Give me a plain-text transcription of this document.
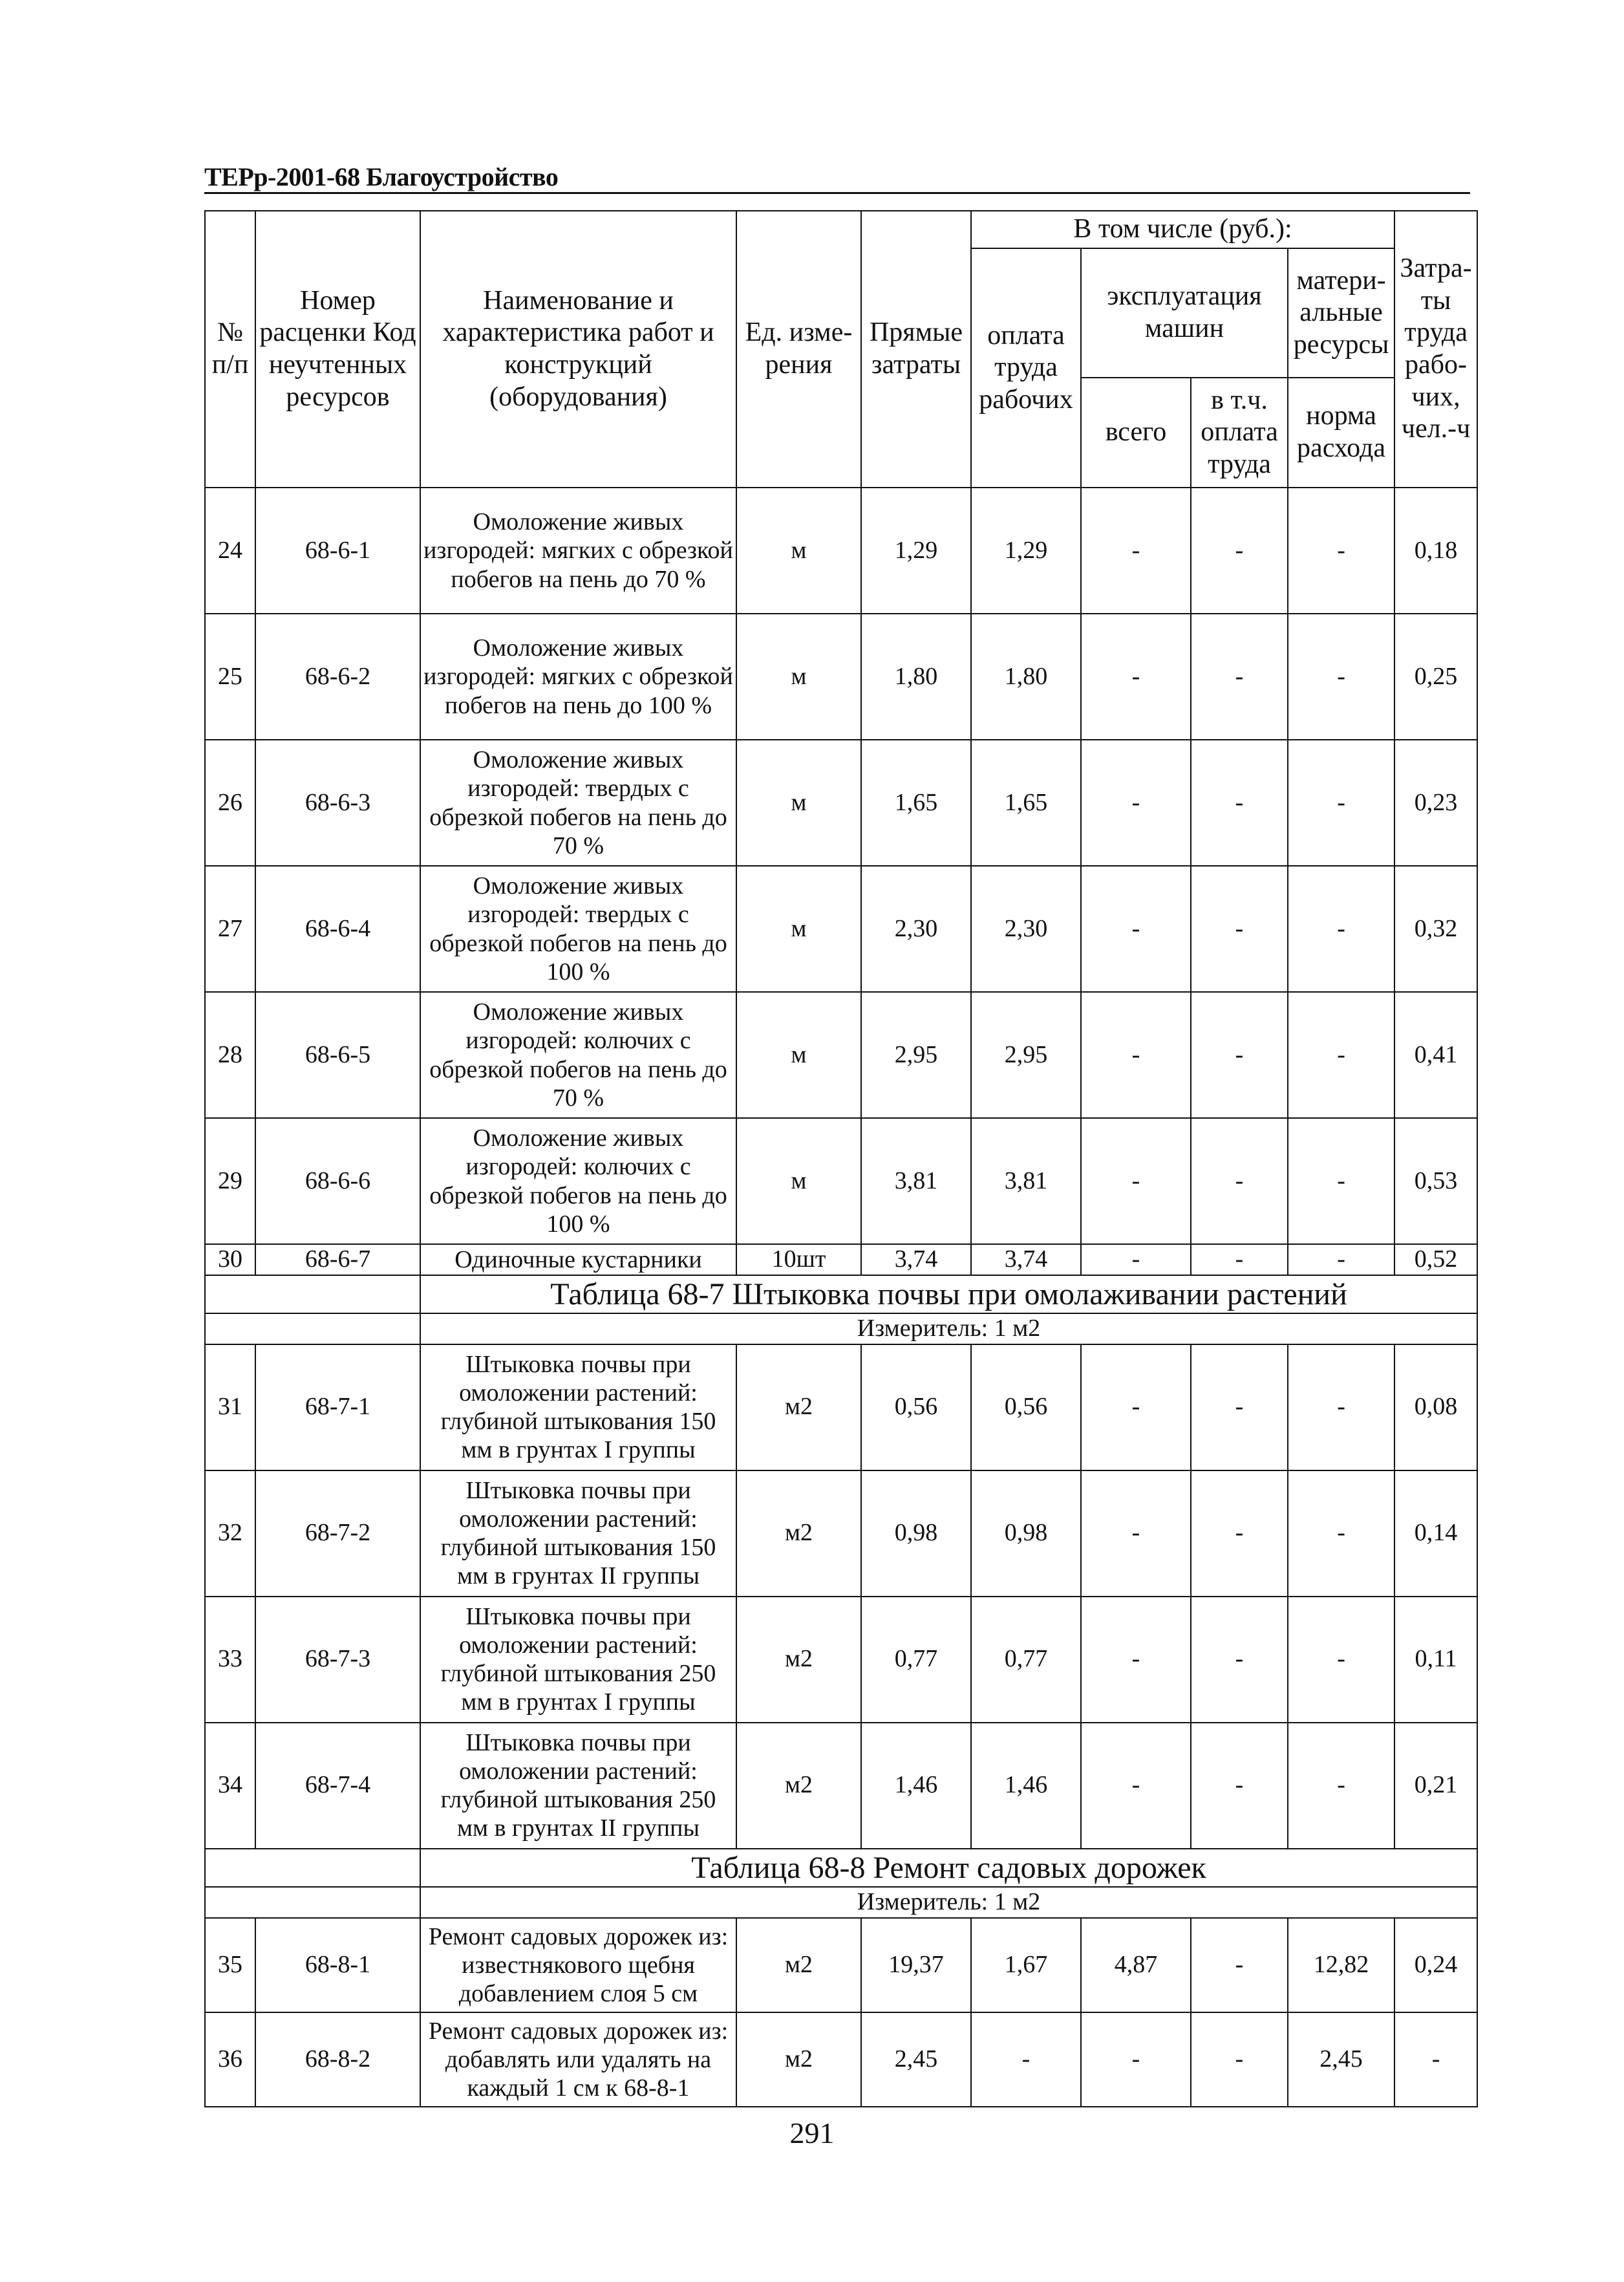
ТЕРр-2001-68 Благоустройство
№ п/п	Номер расценки Код неучтенных ресурсов	Наименование и характеристика работ и конструкций (оборудования)	Ед. изме-рения	Прямые затраты	В том числе (руб.):				Затра-ты труда рабо-чих, чел.-ч
					оплата труда рабочих	эксплуатация машин		матери-альные ресурсы	
						всего	в т.ч. оплата труда	норма расхода	
24	68-6-1	Омоложение живых изгородей: мягких с обрезкой побегов на пень до 70 %	м	1,29	1,29	-	-	-	0,18
25	68-6-2	Омоложение живых изгородей: мягких с обрезкой побегов на пень до 100 %	м	1,80	1,80	-	-	-	0,25
26	68-6-3	Омоложение живых изгородей: твердых с обрезкой побегов на пень до 70 %	м	1,65	1,65	-	-	-	0,23
27	68-6-4	Омоложение живых изгородей: твердых с обрезкой побегов на пень до 100 %	м	2,30	2,30	-	-	-	0,32
28	68-6-5	Омоложение живых изгородей: колючих с обрезкой побегов на пень до 70 %	м	2,95	2,95	-	-	-	0,41
29	68-6-6	Омоложение живых изгородей: колючих с обрезкой побегов на пень до 100 %	м	3,81	3,81	-	-	-	0,53
30	68-6-7	Одиночные кустарники	10шт	3,74	3,74	-	-	-	0,52
		Таблица 68-7 Штыковка почвы при омолаживании растений							
		Измеритель: 1 м2							
31	68-7-1	Штыковка почвы при омоложении растений: глубиной штыкования 150 мм в грунтах I группы	м2	0,56	0,56	-	-	-	0,08
32	68-7-2	Штыковка почвы при омоложении растений: глубиной штыкования 150 мм в грунтах II группы	м2	0,98	0,98	-	-	-	0,14
33	68-7-3	Штыковка почвы при омоложении растений: глубиной штыкования 250 мм в грунтах I группы	м2	0,77	0,77	-	-	-	0,11
34	68-7-4	Штыковка почвы при омоложении растений: глубиной штыкования 250 мм в грунтах II группы	м2	1,46	1,46	-	-	-	0,21
		Таблица 68-8 Ремонт садовых дорожек							
		Измеритель: 1 м2							
35	68-8-1	Ремонт садовых дорожек из: известнякового щебня добавлением слоя 5 см	м2	19,37	1,67	4,87	-	12,82	0,24
36	68-8-2	Ремонт садовых дорожек из: добавлять или удалять на каждый 1 см к 68-8-1	м2	2,45	-	-	-	2,45	-
291
